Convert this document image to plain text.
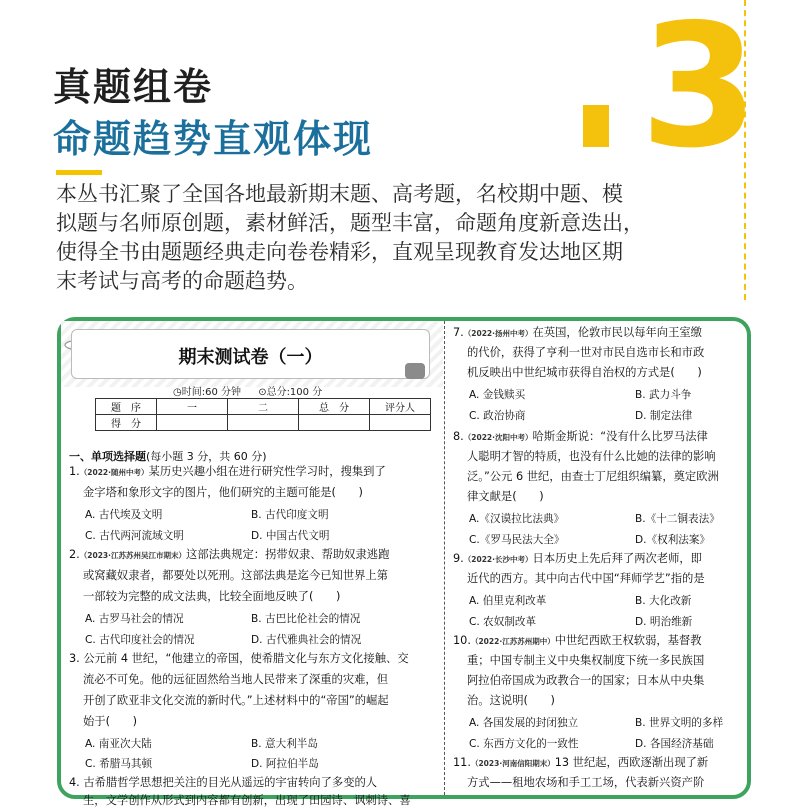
真题组卷
命题趋势直观体现 3
本丛书汇聚了全国各地最新期末题、高考题，名校期中题、模
拟题与名师原创题，素材鲜活，题型丰富，命题角度新意迭出，
使得全书由题题经典走向卷卷精彩，直观呈现教育发达地区期
末考试与高考的命题趋势。
期末测试卷（一）
◷时间:60 分钟 ⊙总分:100 分
题　序	一	二	总　分	评分人
得　分				
一、单项选择题(每小题 3 分，共 60 分)
1.（2022·随州中考）某历史兴趣小组在进行研究性学习时，搜集到了
金字塔和象形文字的图片，他们研究的主题可能是(　　)
A. 古代埃及文明	B. 古代印度文明
C. 古代两河流域文明	D. 中国古代文明
2.（2023·江苏苏州吴江市期末）这部法典规定：拐带奴隶、帮助奴隶逃跑
或窝藏奴隶者，都要处以死刑。这部法典是迄今已知世界上第
一部较为完整的成文法典，比较全面地反映了(　　)
A. 古罗马社会的情况	B. 古巴比伦社会的情况
C. 古代印度社会的情况	D. 古代雅典社会的情况
3. 公元前 4 世纪，“他建立的帝国，使希腊文化与东方文化接触、交
流必不可免。他的远征固然给当地人民带来了深重的灾难，但
开创了欧亚非文化交流的新时代。”上述材料中的“帝国”的崛起
始于(　　)
A. 南亚次大陆	B. 意大利半岛
C. 希腊马其顿	D. 阿拉伯半岛
4. 古希腊哲学思想把关注的目光从遥远的宇宙转向了多变的人
生，文学创作从形式到内容都有创新，出现了田园诗、讽刺诗、喜
7.（2022·扬州中考）在英国，伦敦市民以每年向王室缴
的代价，获得了亨利一世对市民自选市长和市政
机反映出中世纪城市获得自治权的方式是(　　)
A. 金钱赎买	B. 武力斗争
C. 政治协商	D. 制定法律
8.（2022·沈阳中考）哈斯金斯说：“没有什么比罗马法律
人聪明才智的特质，也没有什么比她的法律的影响
泛。”公元 6 世纪，由查士丁尼组织编纂，奠定欧洲
律文献是(　　)
A.《汉谟拉比法典》	B.《十二铜表法》
C.《罗马民法大全》	D.《权利法案》
9.（2022·长沙中考）日本历史上先后拜了两次老师，即
近代的西方。其中向古代中国“拜师学艺”指的是
A. 伯里克利改革	B. 大化改新
C. 农奴制改革	D. 明治维新
10.（2022·江苏苏州期中）中世纪西欧王权软弱，基督教
重；中国专制主义中央集权制度下统一多民族国
阿拉伯帝国成为政教合一的国家；日本从中央集
治。这说明(　　)
A. 各国发展的封闭独立	B. 世界文明的多样
C. 东西方文化的一致性	D. 各国经济基础
11.（2023·河南信阳期末）13 世纪起，西欧逐渐出现了新
方式——租地农场和手工工场，代表新兴资产阶
